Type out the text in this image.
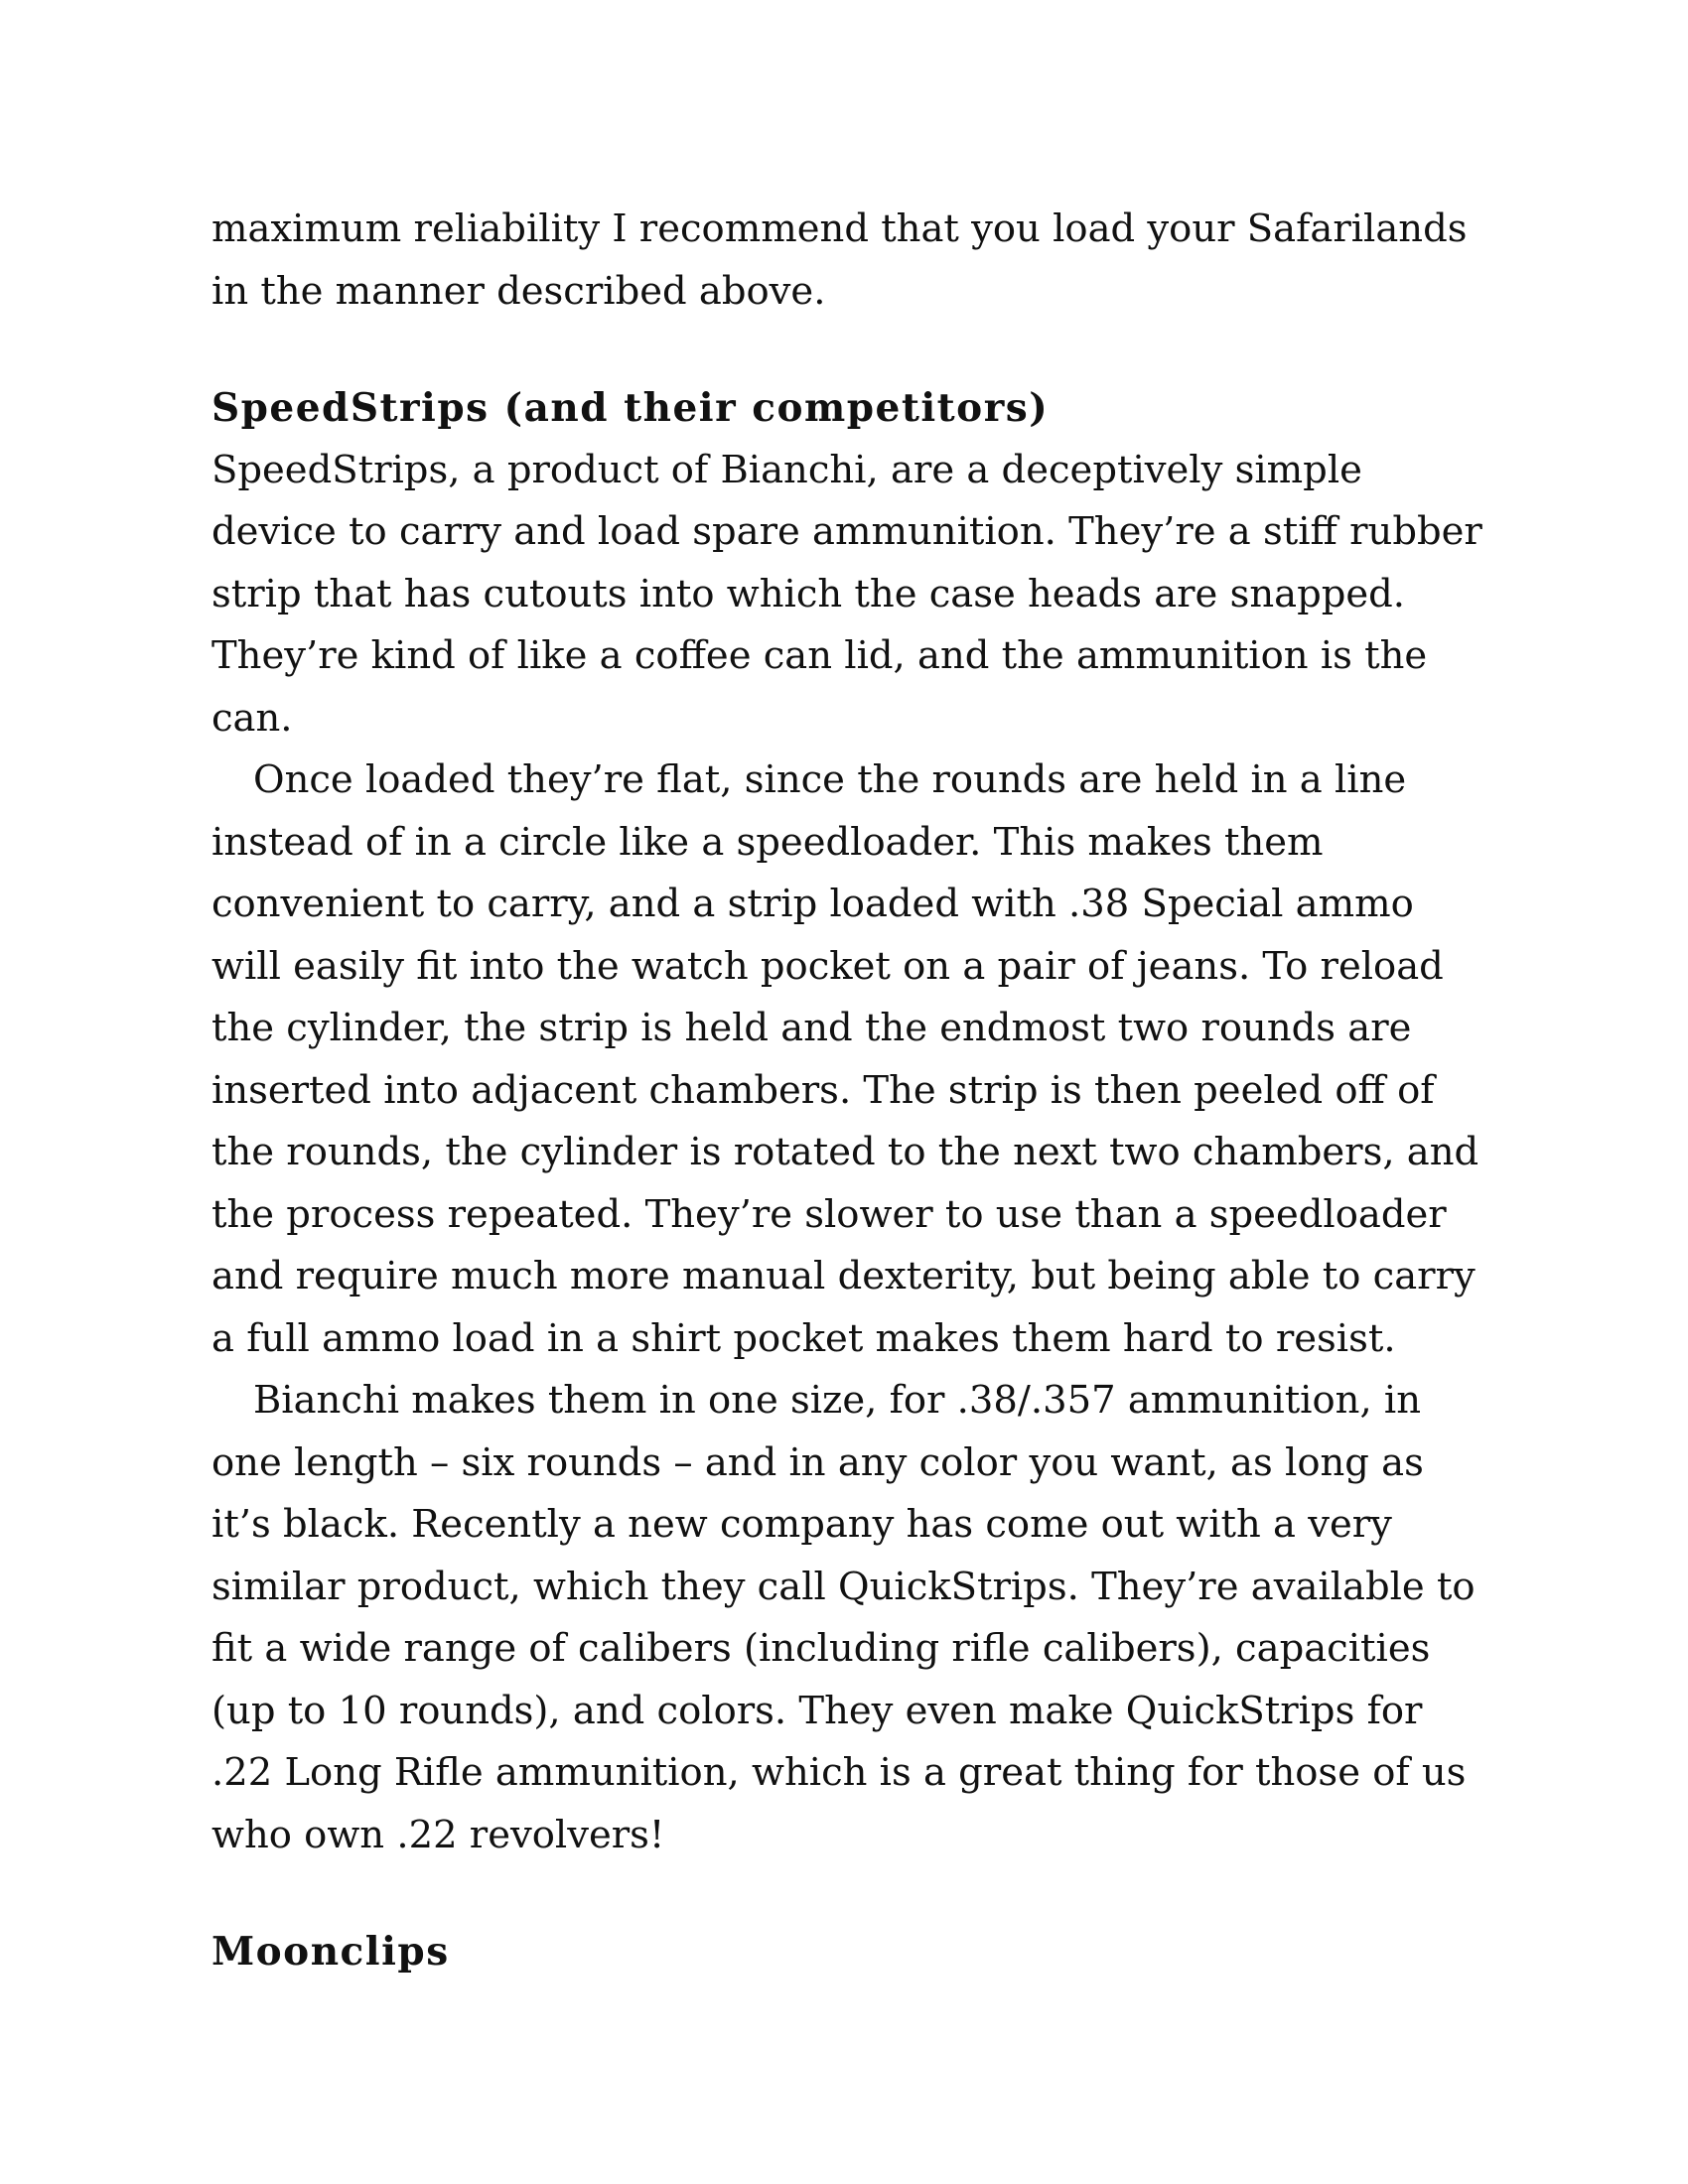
maximum reliability I recommend that you load your Safarilands in the manner described above.

SpeedStrips (and their competitors)

SpeedStrips, a product of Bianchi, are a deceptively simple device to carry and load spare ammunition. They’re a stiff rubber strip that has cutouts into which the case heads are snapped. They’re kind of like a coffee can lid, and the ammunition is the can.

Once loaded they’re flat, since the rounds are held in a line instead of in a circle like a speedloader. This makes them convenient to carry, and a strip loaded with .38 Special ammo will easily fit into the watch pocket on a pair of jeans. To reload the cylinder, the strip is held and the endmost two rounds are inserted into adjacent chambers. The strip is then peeled off of the rounds, the cylinder is rotated to the next two chambers, and the process repeated. They’re slower to use than a speedloader and require much more manual dexterity, but being able to carry a full ammo load in a shirt pocket makes them hard to resist.

Bianchi makes them in one size, for .38/.357 ammunition, in one length – six rounds – and in any color you want, as long as it’s black. Recently a new company has come out with a very similar product, which they call QuickStrips. They’re available to fit a wide range of calibers (including rifle calibers), capacities (up to 10 rounds), and colors. They even make QuickStrips for .22 Long Rifle ammunition, which is a great thing for those of us who own .22 revolvers!

Moonclips
